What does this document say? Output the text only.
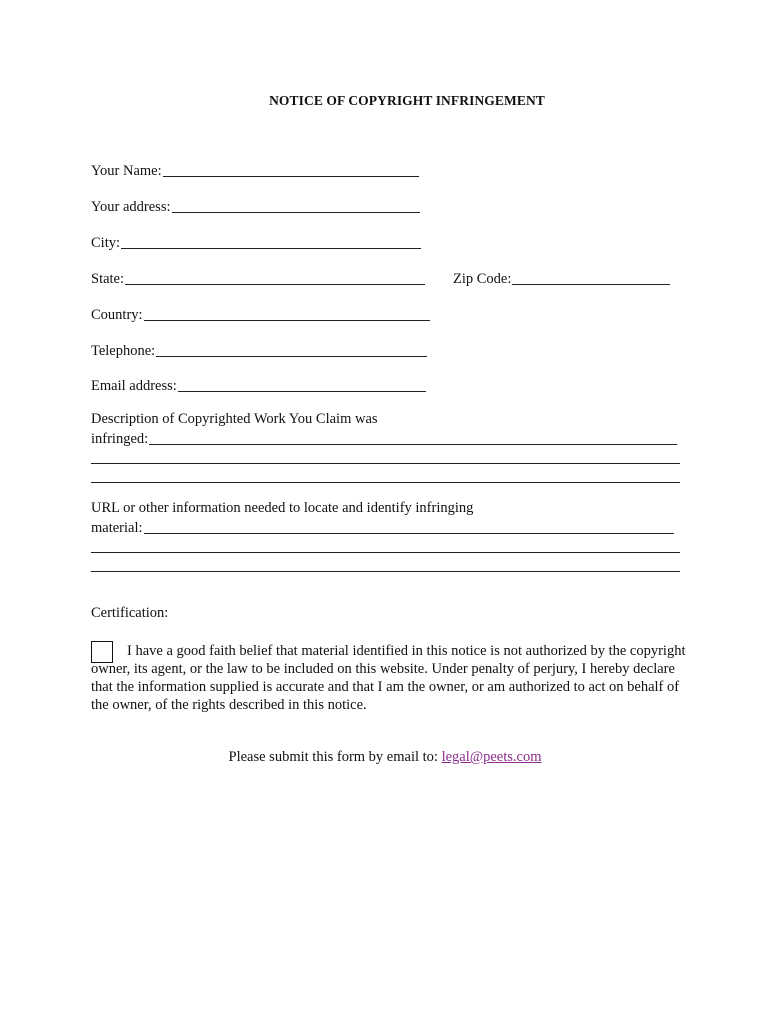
NOTICE OF COPYRIGHT INFRINGEMENT
Your Name:
Your address:
City:
State:	Zip Code:
Country:
Telephone:
Email address:
Description of Copyrighted Work You Claim was
infringed:
URL or other information needed to locate and identify infringing
material:
Certification:
I have a good faith belief that material identified in this notice is not authorized by the copyright owner, its agent, or the law to be included on this website. Under penalty of perjury, I hereby declare that the information supplied is accurate and that I am the owner, or am authorized to act on behalf of the owner, of the rights described in this notice.
Please submit this form by email to: legal@peets.com
